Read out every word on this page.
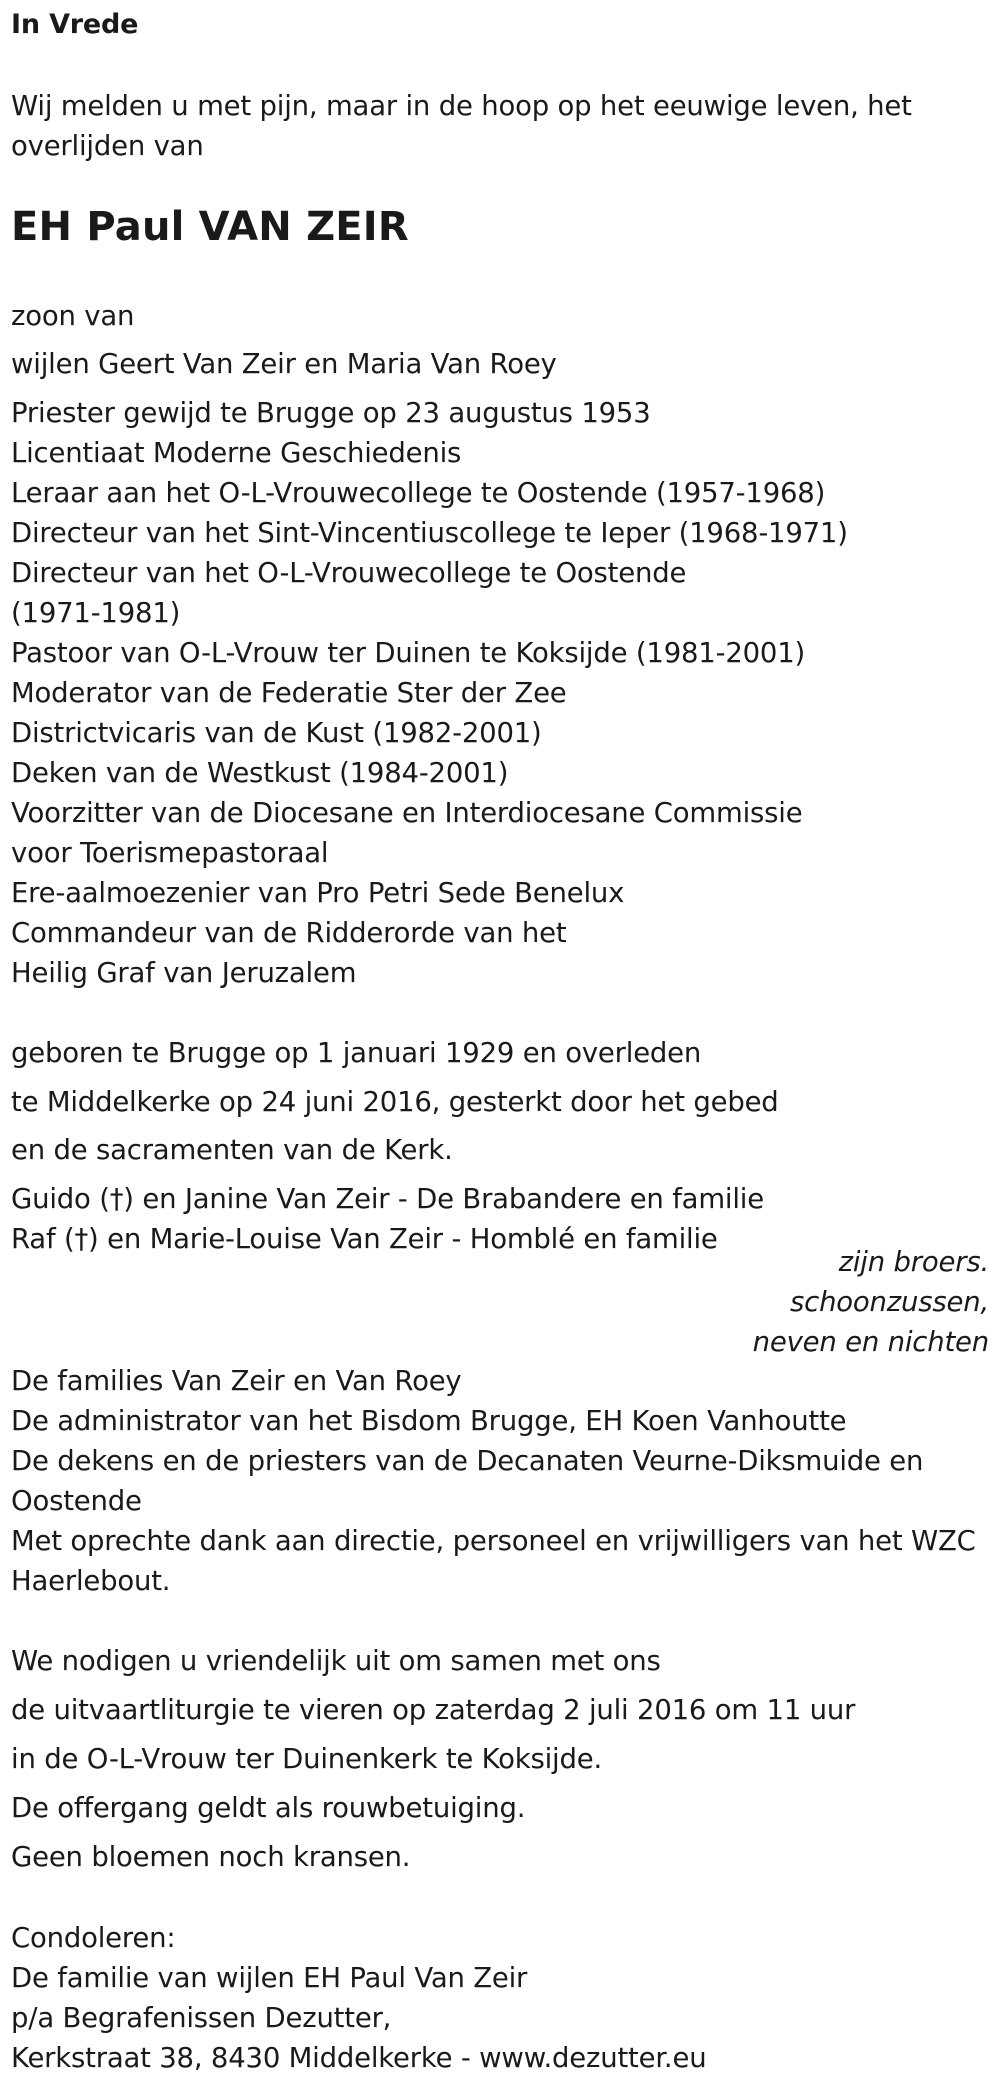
In Vrede
Wij melden u met pijn, maar in de hoop op het eeuwige leven, het
overlijden van
EH Paul VAN ZEIR
zoon van
wijlen Geert Van Zeir en Maria Van Roey
Priester gewijd te Brugge op 23 augustus 1953
Licentiaat Moderne Geschiedenis
Leraar aan het O-L-Vrouwecollege te Oostende (1957-1968)
Directeur van het Sint-Vincentiuscollege te Ieper (1968-1971)
Directeur van het O-L-Vrouwecollege te Oostende
(1971-1981)
Pastoor van O-L-Vrouw ter Duinen te Koksijde (1981-2001)
Moderator van de Federatie Ster der Zee
Districtvicaris van de Kust (1982-2001)
Deken van de Westkust (1984-2001)
Voorzitter van de Diocesane en Interdiocesane Commissie
voor Toerismepastoraal
Ere-aalmoezenier van Pro Petri Sede Benelux
Commandeur van de Ridderorde van het
Heilig Graf van Jeruzalem
geboren te Brugge op 1 januari 1929 en overleden
te Middelkerke op 24 juni 2016, gesterkt door het gebed
en de sacramenten van de Kerk.
Guido (†) en Janine Van Zeir - De Brabandere en familie
Raf (†) en Marie-Louise Van Zeir - Homblé en familie
zijn broers.
schoonzussen,
neven en nichten
De families Van Zeir en Van Roey
De administrator van het Bisdom Brugge, EH Koen Vanhoutte
De dekens en de priesters van de Decanaten Veurne-Diksmuide en
Oostende
Met oprechte dank aan directie, personeel en vrijwilligers van het WZC
Haerlebout.
We nodigen u vriendelijk uit om samen met ons
de uitvaartliturgie te vieren op zaterdag 2 juli 2016 om 11 uur
in de O-L-Vrouw ter Duinenkerk te Koksijde.
De offergang geldt als rouwbetuiging.
Geen bloemen noch kransen.
Condoleren:
De familie van wijlen EH Paul Van Zeir
p/a Begrafenissen Dezutter,
Kerkstraat 38, 8430 Middelkerke - www.dezutter.eu
